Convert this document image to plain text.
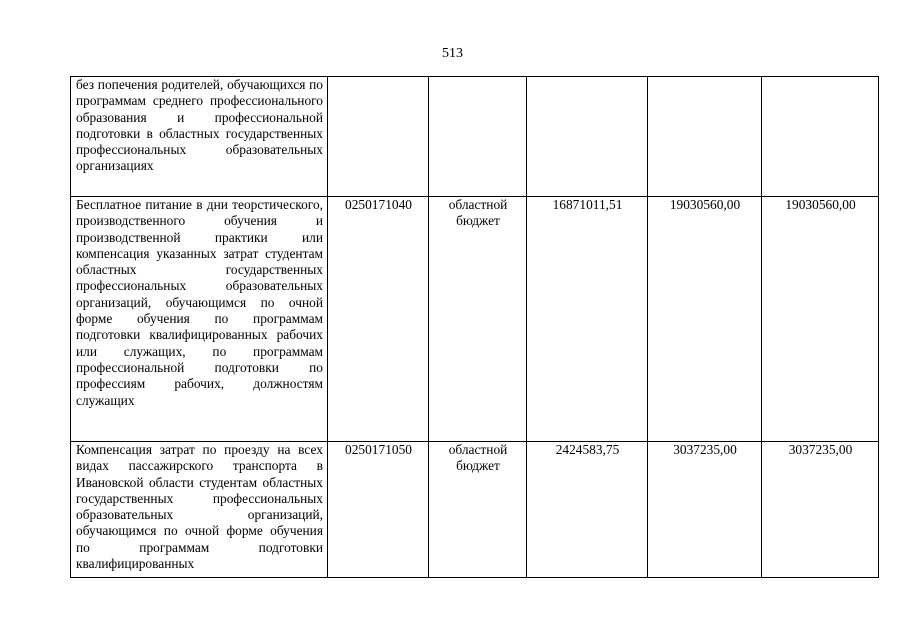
513
без попечения родителей, обучающихся по программам среднего профессионального образования и профессиональной подготовки в областных государственных профессиональных образовательных организациях					
Бесплатное питание в дни теорстического, производственного обучения и производственной практики или компенсация указанных затрат студентам областных государственных профессиональных образовательных организаций, обучающимся по очной форме обучения по программам подготовки квалифицированных рабочих или служащих, по программам профессиональной подготовки по профессиям рабочих, должностям служащих	0250171040	областной бюджет	16871011,51	19030560,00	19030560,00
Компенсация затрат по проезду на всех видах пассажирского транспорта в Ивановской области студентам областных государственных профессиональных образовательных организаций, обучающимся по очной форме обучения по программам подготовки квалифицированных	0250171050	областной бюджет	2424583,75	3037235,00	3037235,00
